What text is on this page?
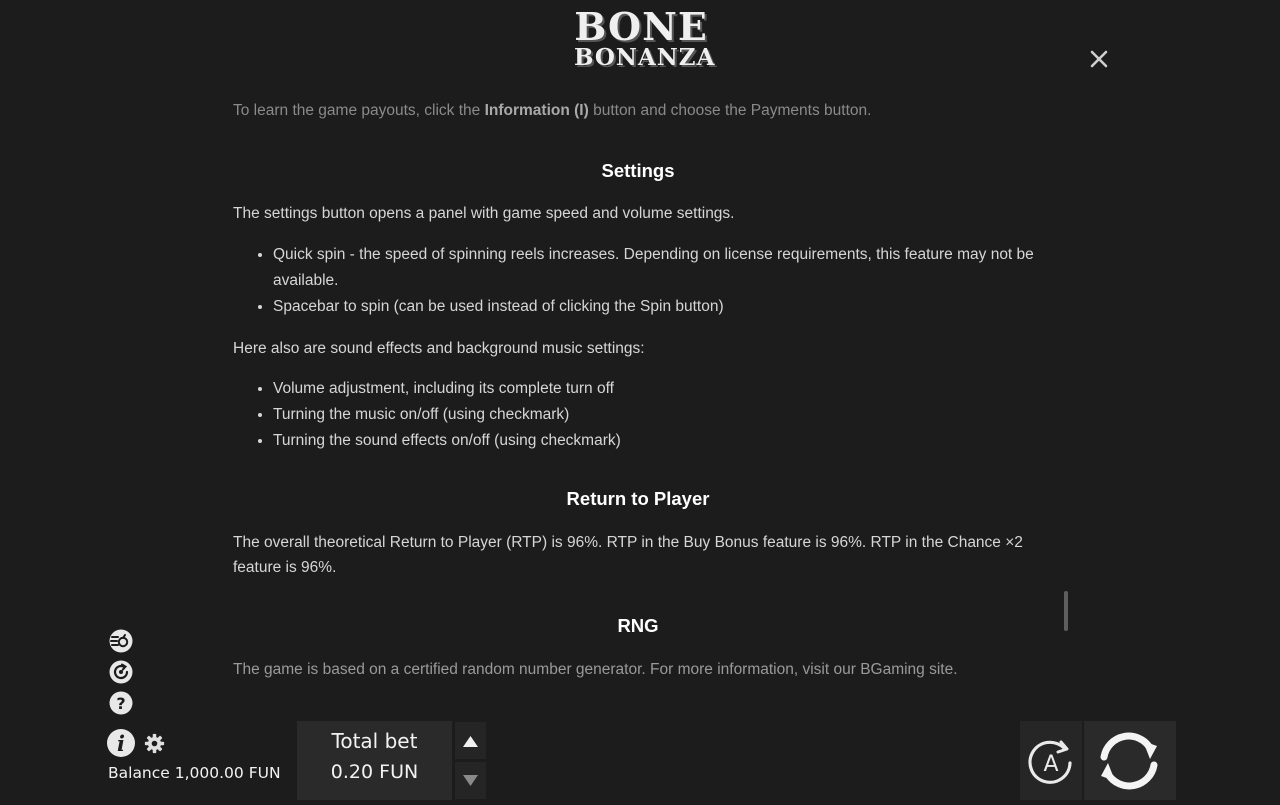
BONE
BONANZA

To learn the game payouts, click the Information (I) button and choose the Payments button.

Settings

The settings button opens a panel with game speed and volume settings.

• Quick spin - the speed of spinning reels increases. Depending on license requirements, this feature may not be available.
• Spacebar to spin (can be used instead of clicking the Spin button)

Here also are sound effects and background music settings:

• Volume adjustment, including its complete turn off
• Turning the music on/off (using checkmark)
• Turning the sound effects on/off (using checkmark)
Return to Player

The overall theoretical Return to Player (RTP) is 96%. RTP in the Buy Bonus feature is 96%. RTP in the Chance ×2 feature is 96%.

RNG

The game is based on a certified random number generator. For more information, visit our BGaming site.

?
i
Balance 1,000.00 FUN
Total bet
0.20 FUN	A
